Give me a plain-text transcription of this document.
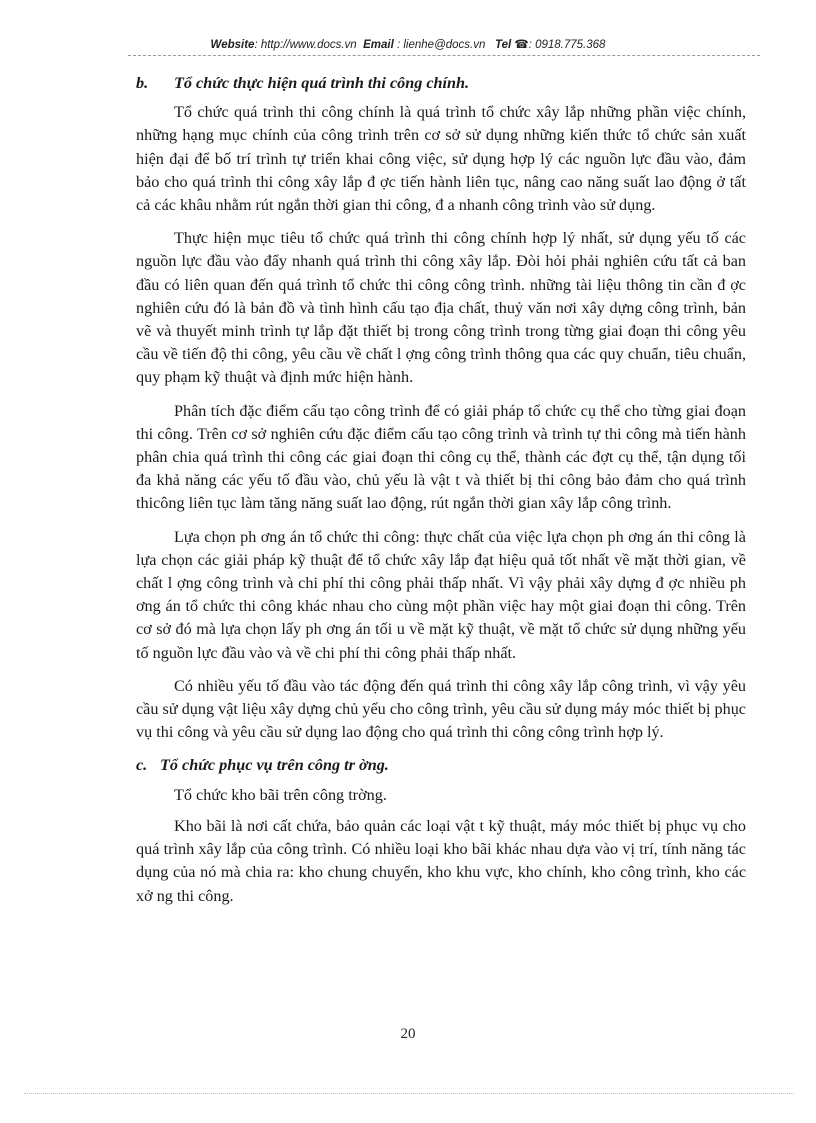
Website: http://www.docs.vn Email : lienhe@docs.vn Tel ☎: 0918.775.368
b. Tổ chức thực hiện quá trình thi công chính.

Tổ chức quá trình thi công chính là quá trình tổ chức xây lắp những phần việc chính, những hạng mục chính của công trình trên cơ sở sử dụng những kiến thức tổ chức sản xuất hiện đại để bố trí trình tự triển khai công việc, sử dụng hợp lý các nguồn lực đầu vào, đảm bảo cho quá trình thi công xây lắp đ ợc tiến hành liên tục, nâng cao năng suất lao động ở tất cả các khâu nhằm rút ngắn thời gian thi công, đ a nhanh công trình vào sử dụng.

Thực hiện mục tiêu tổ chức quá trình thi công chính hợp lý nhất, sử dụng yếu tố các nguồn lực đầu vào đẩy nhanh quá trình thi công xây lắp. Đòi hỏi phải nghiên cứu tất cả ban đầu có liên quan đến quá trình tổ chức thi công công trình. những tài liệu thông tin cần đ ợc nghiên cứu đó là bản đồ và tình hình cấu tạo địa chất, thuỷ văn nơi xây dựng công trình, bản vẽ và thuyết minh trình tự lắp đặt thiết bị trong công trình trong từng giai đoạn thi công yêu cầu về tiến độ thi công, yêu cầu về chất l ợng công trình thông qua các quy chuẩn, tiêu chuẩn, quy phạm kỹ thuật và định mức hiện hành.

Phân tích đặc điểm cấu tạo công trình để có giải pháp tổ chức cụ thể cho từng giai đoạn thi công. Trên cơ sở nghiên cứu đặc điểm cấu tạo công trình và trình tự thi công mà tiến hành phân chia quá trình thi công các giai đoạn thi công cụ thể, thành các đợt cụ thể, tận dụng tối đa khả năng các yếu tố đầu vào, chủ yếu là vật t và thiết bị thi công bảo đảm cho quá trình thicông liên tục làm tăng năng suất lao động, rút ngắn thời gian xây lắp công trình.

Lựa chọn ph ơng án tổ chức thi công: thực chất của việc lựa chọn ph ơng án thi công là lựa chọn các giải pháp kỹ thuật để tổ chức xây lắp đạt hiệu quả tốt nhất về mặt thời gian, về chất l ợng công trình và chi phí thi công phải thấp nhất. Vì vậy phải xây dựng đ ợc nhiều ph ơng án tổ chức thi công khác nhau cho cùng một phần việc hay một giai đoạn thi công. Trên cơ sở đó mà lựa chọn lấy ph ơng án tối u về mặt kỹ thuật, về mặt tổ chức sử dụng những yếu tố nguồn lực đầu vào và về chi phí thi công phải thấp nhất.

Có nhiều yếu tố đầu vào tác động đến quá trình thi công xây lắp công trình, vì vậy yêu cầu sử dụng vật liệu xây dựng chủ yếu cho công trình, yêu cầu sử dụng máy móc thiết bị phục vụ thi công và yêu cầu sử dụng lao động cho quá trình thi công công trình hợp lý.

c. Tổ chức phục vụ trên công tr ờng.

Tổ chức kho bãi trên công trờng.

Kho bãi là nơi cất chứa, bảo quản các loại vật t kỹ thuật, máy móc thiết bị phục vụ cho quá trình xây lắp của công trình. Có nhiều loại kho bãi khác nhau dựa vào vị trí, tính năng tác dụng của nó mà chia ra: kho chung chuyển, kho khu vực, kho chính, kho công trình, kho các xở ng thi công.

20
